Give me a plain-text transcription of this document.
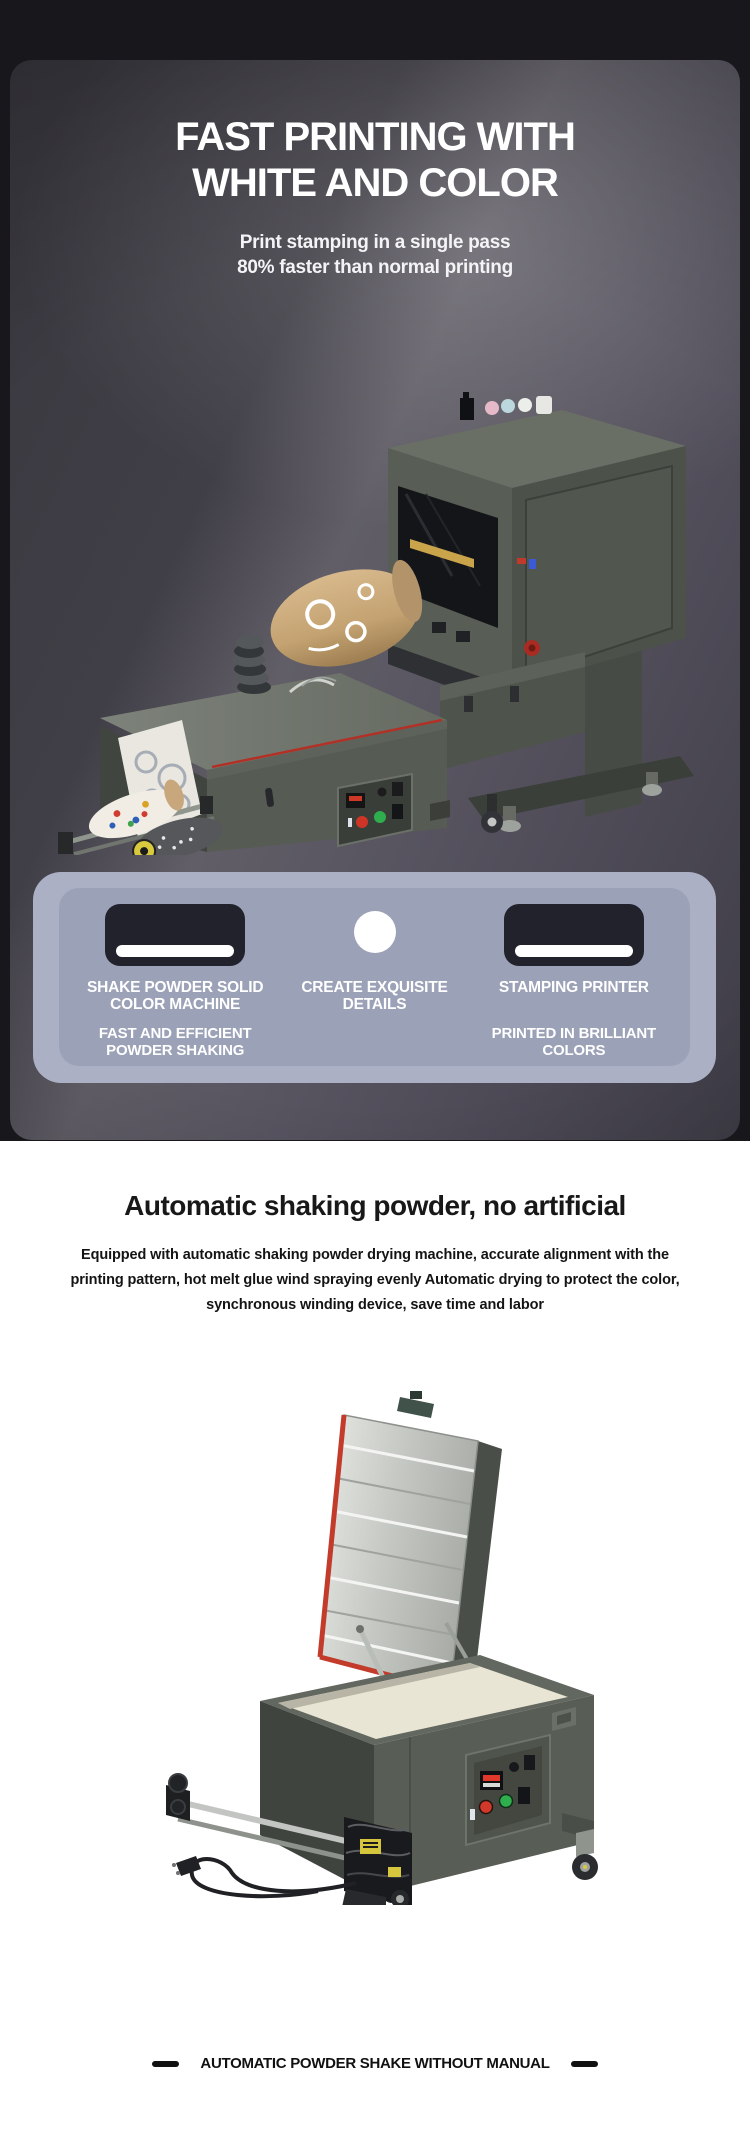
FAST PRINTING WITH
WHITE AND COLOR

Print stamping in a single pass
80% faster than normal printing

SHAKE POWDER SOLID COLOR MACHINE
FAST AND EFFICIENT POWDER SHAKING
CREATE EXQUISITE DETAILS
STAMPING PRINTER
PRINTED IN BRILLIANT COLORS
Automatic shaking powder, no artificial

Equipped with automatic shaking powder drying machine, accurate alignment with the printing pattern, hot melt glue wind spraying evenly Automatic drying to protect the color, synchronous winding device, save time and labor

AUTOMATIC POWDER SHAKE WITHOUT MANUAL
